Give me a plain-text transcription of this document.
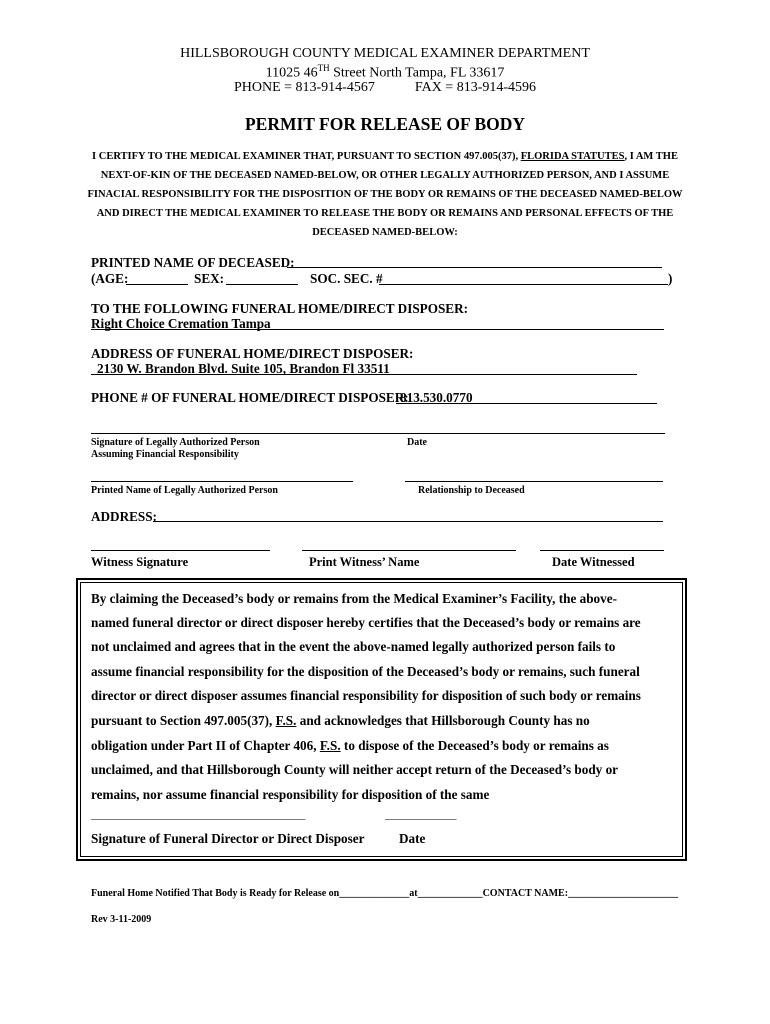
HILLSBOROUGH COUNTY MEDICAL EXAMINER DEPARTMENT
11025 46TH Street North Tampa, FL 33617
PHONE = 813-914-4567	FAX = 813-914-4596
PERMIT FOR RELEASE OF BODY
I CERTIFY TO THE MEDICAL EXAMINER THAT, PURSUANT TO SECTION 497.005(37), FLORIDA STATUTES, I AM THE
NEXT-OF-KIN OF THE DECEASED NAMED-BELOW, OR OTHER LEGALLY AUTHORIZED PERSON, AND I ASSUME
FINACIAL RESPONSIBILITY FOR THE DISPOSITION OF THE BODY OR REMAINS OF THE DECEASED NAMED-BELOW
AND DIRECT THE MEDICAL EXAMINER TO RELEASE THE BODY OR REMAINS AND PERSONAL EFFECTS OF THE
DECEASED NAMED-BELOW:
PRINTED NAME OF DECEASED:
(AGE:	SEX:	SOC. SEC. #	)
TO THE FOLLOWING FUNERAL HOME/DIRECT DISPOSER:
Right Choice Cremation Tampa
ADDRESS OF FUNERAL HOME/DIRECT DISPOSER:
2130 W. Brandon Blvd. Suite 105, Brandon Fl 33511
PHONE # OF FUNERAL HOME/DIRECT DISPOSER:
813.530.0770
Signature of Legally Authorized Person
Assuming Financial Responsibility
Date
Printed Name of Legally Authorized Person	Relationship to Deceased
ADDRESS:
Witness Signature	Print Witness’ Name	Date Witnessed
By claiming the Deceased’s body or remains from the Medical Examiner’s Facility, the above-
named funeral director or direct disposer hereby certifies that the Deceased’s body or remains are
not unclaimed and agrees that in the event the above-named legally authorized person fails to
assume financial responsibility for the disposition of the Deceased’s body or remains, such funeral
director or direct disposer assumes financial responsibility for disposition of such body or remains
pursuant to Section 497.005(37), F.S. and acknowledges that Hillsborough County has no
obligation under Part II of Chapter 406, F.S. to dispose of the Deceased’s body or remains as
unclaimed, and that Hillsborough County will neither accept return of the Deceased’s body or
remains, nor assume financial responsibility for disposition of the same
_______________________________________	_____________
Signature of Funeral Director or Direct Disposer	Date
Funeral Home Notified That Body is Ready for Release on______________at_____________CONTACT NAME:______________________
Rev 3-11-2009
